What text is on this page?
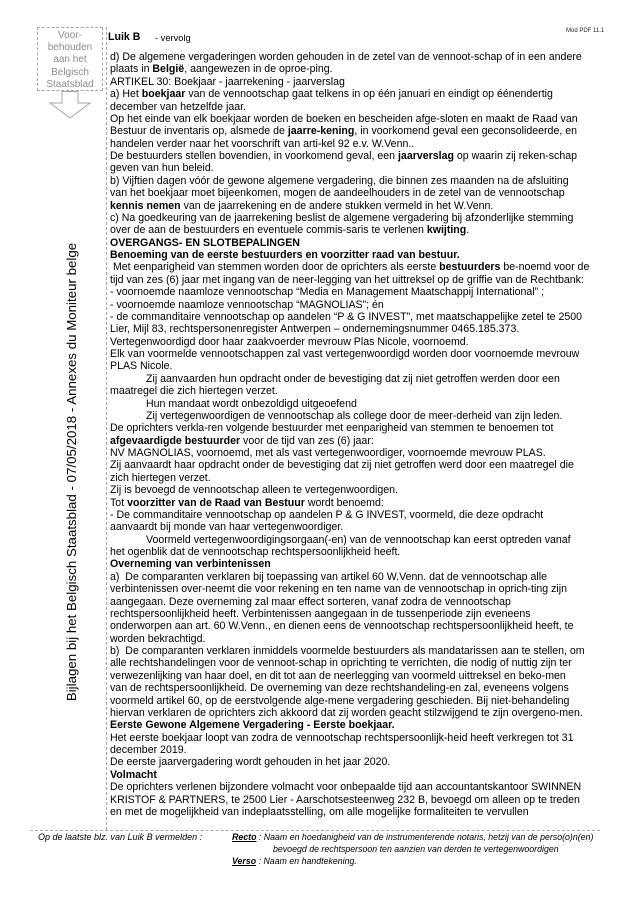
Mod PDF 11.1
Voor-
behouden
aan het
Belgisch
Staatsblad
Bijlagen bij het Belgisch Staatsblad - 07/05/2018 - Annexes du Moniteur belge
Luik B - vervolg
d) De algemene vergaderingen worden gehouden in de zetel van de vennoot-schap of in een andere
plaats in België, aangewezen in de oproe-ping.
ARTIKEL 30: Boekjaar - jaarrekening - jaarverslag
a) Het boekjaar van de vennootschap gaat telkens in op één januari en eindigt op éénendertig
december van hetzelfde jaar.
Op het einde van elk boekjaar worden de boeken en bescheiden afge-sloten en maakt de Raad van
Bestuur de inventaris op, alsmede de jaarre-kening, in voorkomend geval een geconsolideerde, en
handelen verder naar het voorschrift van arti-kel 92 e.v. W.Venn..
De bestuurders stellen bovendien, in voorkomend geval, een jaarverslag op waarin zij reken-schap
geven van hun beleid.
b) Vijftien dagen vóór de gewone algemene vergadering, die binnen zes maanden na de afsluiting
van het boekjaar moet bijeenkomen, mogen de aandeelhouders in de zetel van de vennootschap
kennis nemen van de jaarrekening en de andere stukken vermeld in het W.Venn.
c) Na goedkeuring van de jaarrekening beslist de algemene vergadering bij afzonderlijke stemming
over de aan de bestuurders en eventuele commis-saris te verlenen kwijting.
OVERGANGS- EN SLOTBEPALINGEN
Benoeming van de eerste bestuurders en voorzitter raad van bestuur.
Met eenparigheid van stemmen worden door de oprichters als eerste bestuurders be-noemd voor de
tijd van zes (6) jaar met ingang van de neer-legging van het uittreksel op de griffie van de Rechtbank:
- voornoemde naamloze vennootschap “Media en Management Maatschappij International” ;
- voornoemde naamloze vennootschap “MAGNOLIAS”; én
- de commanditaire vennootschap op aandelen “P & G INVEST”, met maatschappelijke zetel te 2500
Lier, Mijl 83, rechtspersonenregister Antwerpen – ondernemingsnummer 0465.185.373.
Vertegenwoordigd door haar zaakvoerder mevrouw Plas Nicole, voornoemd.
Elk van voormelde vennootschappen zal vast vertegenwoordigd worden door voornoemde mevrouw
PLAS Nicole.
Zij aanvaarden hun opdracht onder de bevestiging dat zij niet getroffen werden door een
maatregel die zich hiertegen verzet.
Hun mandaat wordt onbezoldigd uitgeoefend
Zij vertegenwoordigen de vennootschap als college door de meer-derheid van zijn leden.
De oprichters verkla-ren volgende bestuurder met eenparigheid van stemmen te benoemen tot
afgevaardigde bestuurder voor de tijd van zes (6) jaar:
NV MAGNOLIAS, voornoemd, met als vast vertegenwoordiger, voornoemde mevrouw PLAS.
Zij aanvaardt haar opdracht onder de bevestiging dat zij niet getroffen werd door een maatregel die
zich hiertegen verzet.
Zij is bevoegd de vennootschap alleen te vertegenwoordigen.
Tot voorzitter van de Raad van Bestuur wordt benoemd:
- De commanditaire vennootschap op aandelen P & G INVEST, voormeld, die deze opdracht
aanvaardt bij monde van haar vertegenwoordiger.
Voormeld vertegenwoordigingsorgaan(-en) van de vennootschap kan eerst optreden vanaf
het ogenblik dat de vennootschap rechtspersoonlijkheid heeft.
Overneming van verbintenissen
a)  De comparanten verklaren bij toepassing van artikel 60 W.Venn. dat de vennootschap alle
verbintenissen over-neemt die voor rekening en ten name van de vennootschap in oprich-ting zijn
aangegaan. Deze overneming zal maar effect sorteren, vanaf zodra de vennootschap
rechtspersoonlijkheid heeft. Verbintenissen aangegaan in de tussenperiode zijn eveneens
onderworpen aan art. 60 W.Venn., en dienen eens de vennootschap rechtspersoonlijkheid heeft, te
worden bekrachtigd.
b)  De comparanten verklaren inmiddels voormelde bestuurders als mandatarissen aan te stellen, om
alle rechtshandelingen voor de vennoot-schap in oprichting te verrichten, die nodig of nuttig zijn ter
verwezenlijking van haar doel, en dit tot aan de neerlegging van voormeld uittreksel en beko-men
van de rechtspersoonlijkheid. De overneming van deze rechtshandeling-en zal, eveneens volgens
voormeld artikel 60, op de eerstvolgende alge-mene vergadering geschieden. Bij niet-behandeling
hiervan verklaren de oprichters zich akkoord dat zij worden geacht stilzwijgend te zijn overgeno-men.
Eerste Gewone Algemene Vergadering - Eerste boekjaar.
Het eerste boekjaar loopt van zodra de vennootschap rechtspersoonlijk-heid heeft verkregen tot 31
december 2019.
De eerste jaarvergadering wordt gehouden in het jaar 2020.
Volmacht
De oprichters verlenen bijzondere volmacht voor onbepaalde tijd aan accountantskantoor SWINNEN
KRISTOF & PARTNERS, te 2500 Lier - Aarschotsesteenweg 232 B, bevoegd om alleen op te treden
en met de mogelijkheid van indeplaatsstelling, om alle mogelijke formaliteiten te vervullen
Op de laatste blz. van Luik B vermelden :	Recto : Naam en hoedanigheid van de instrumenterende notaris, hetzij van de perso(o)n(en)
bevoegd de rechtspersoon ten aanzien van derden te vertegenwoordigen
Verso : Naam en handtekening.
